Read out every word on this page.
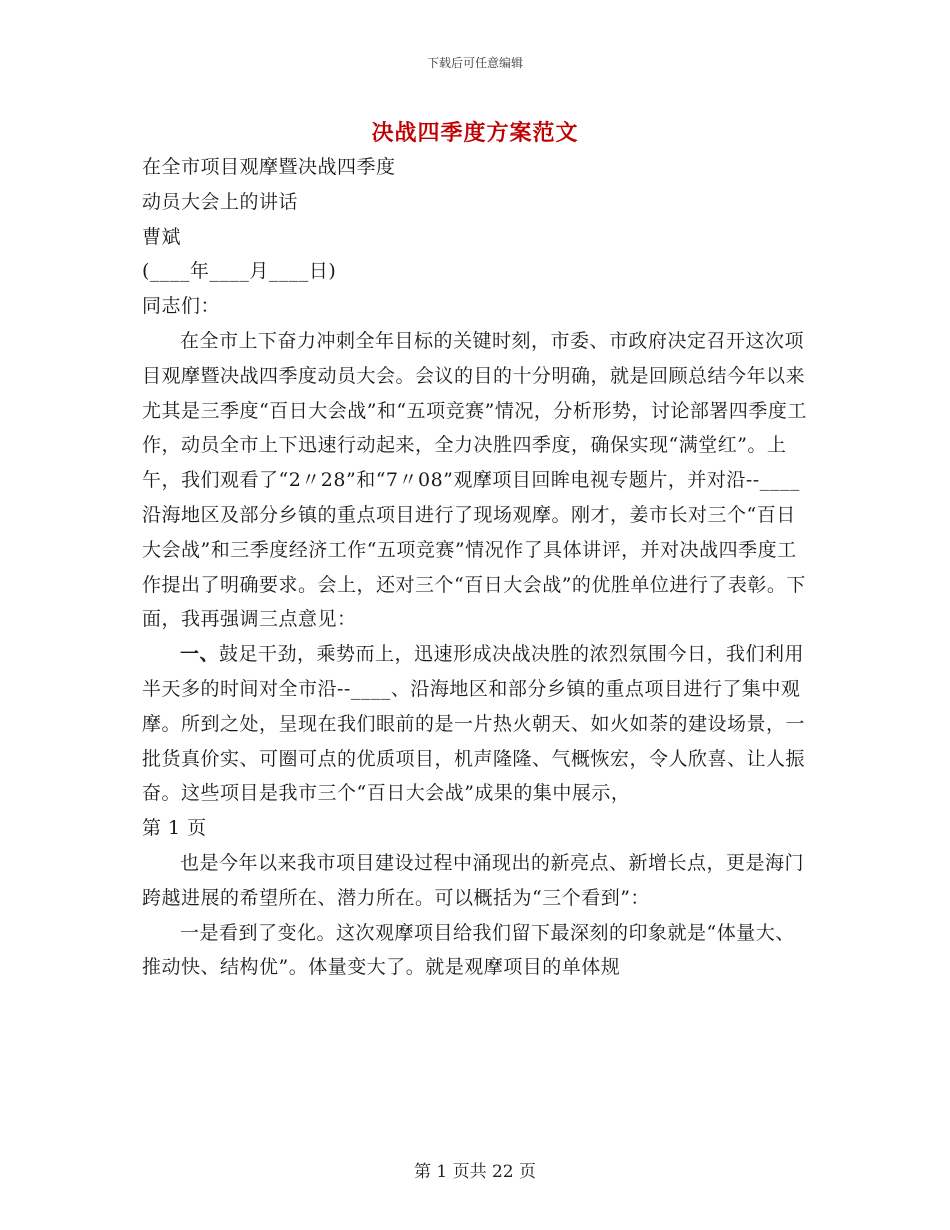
下载后可任意编辑
决战四季度方案范文

在全市项目观摩暨决战四季度

动员大会上的讲话

曹斌

(____年____月____日)

同志们：

在全市上下奋力冲刺全年目标的关键时刻，市委、市政府决定召开这次项目观摩暨决战四季度动员大会。会议的目的十分明确，就是回顾总结今年以来尤其是三季度“百日大会战”和“五项竞赛”情况，分析形势，讨论部署四季度工作，动员全市上下迅速行动起来，全力决胜四季度，确保实现“满堂红”。上午，我们观看了“2〃28”和“7〃08”观摩项目回眸电视专题片，并对沿--____沿海地区及部分乡镇的重点项目进行了现场观摩。刚才，姜市长对三个“百日大会战”和三季度经济工作“五项竞赛”情况作了具体讲评，并对决战四季度工作提出了明确要求。会上，还对三个“百日大会战”的优胜单位进行了表彰。下面，我再强调三点意见：

一、鼓足干劲，乘势而上，迅速形成决战决胜的浓烈氛围今日，我们利用半天多的时间对全市沿--____、沿海地区和部分乡镇的重点项目进行了集中观摩。所到之处，呈现在我们眼前的是一片热火朝天、如火如荼的建设场景，一批货真价实、可圈可点的优质项目，机声隆隆、气概恢宏，令人欣喜、让人振奋。这些项目是我市三个“百日大会战”成果的集中展示，

第 1 页

也是今年以来我市项目建设过程中涌现出的新亮点、新增长点，更是海门跨越进展的希望所在、潜力所在。可以概括为“三个看到”：

一是看到了变化。这次观摩项目给我们留下最深刻的印象就是“体量大、推动快、结构优”。体量变大了。就是观摩项目的单体规

第 1 页共 22 页
